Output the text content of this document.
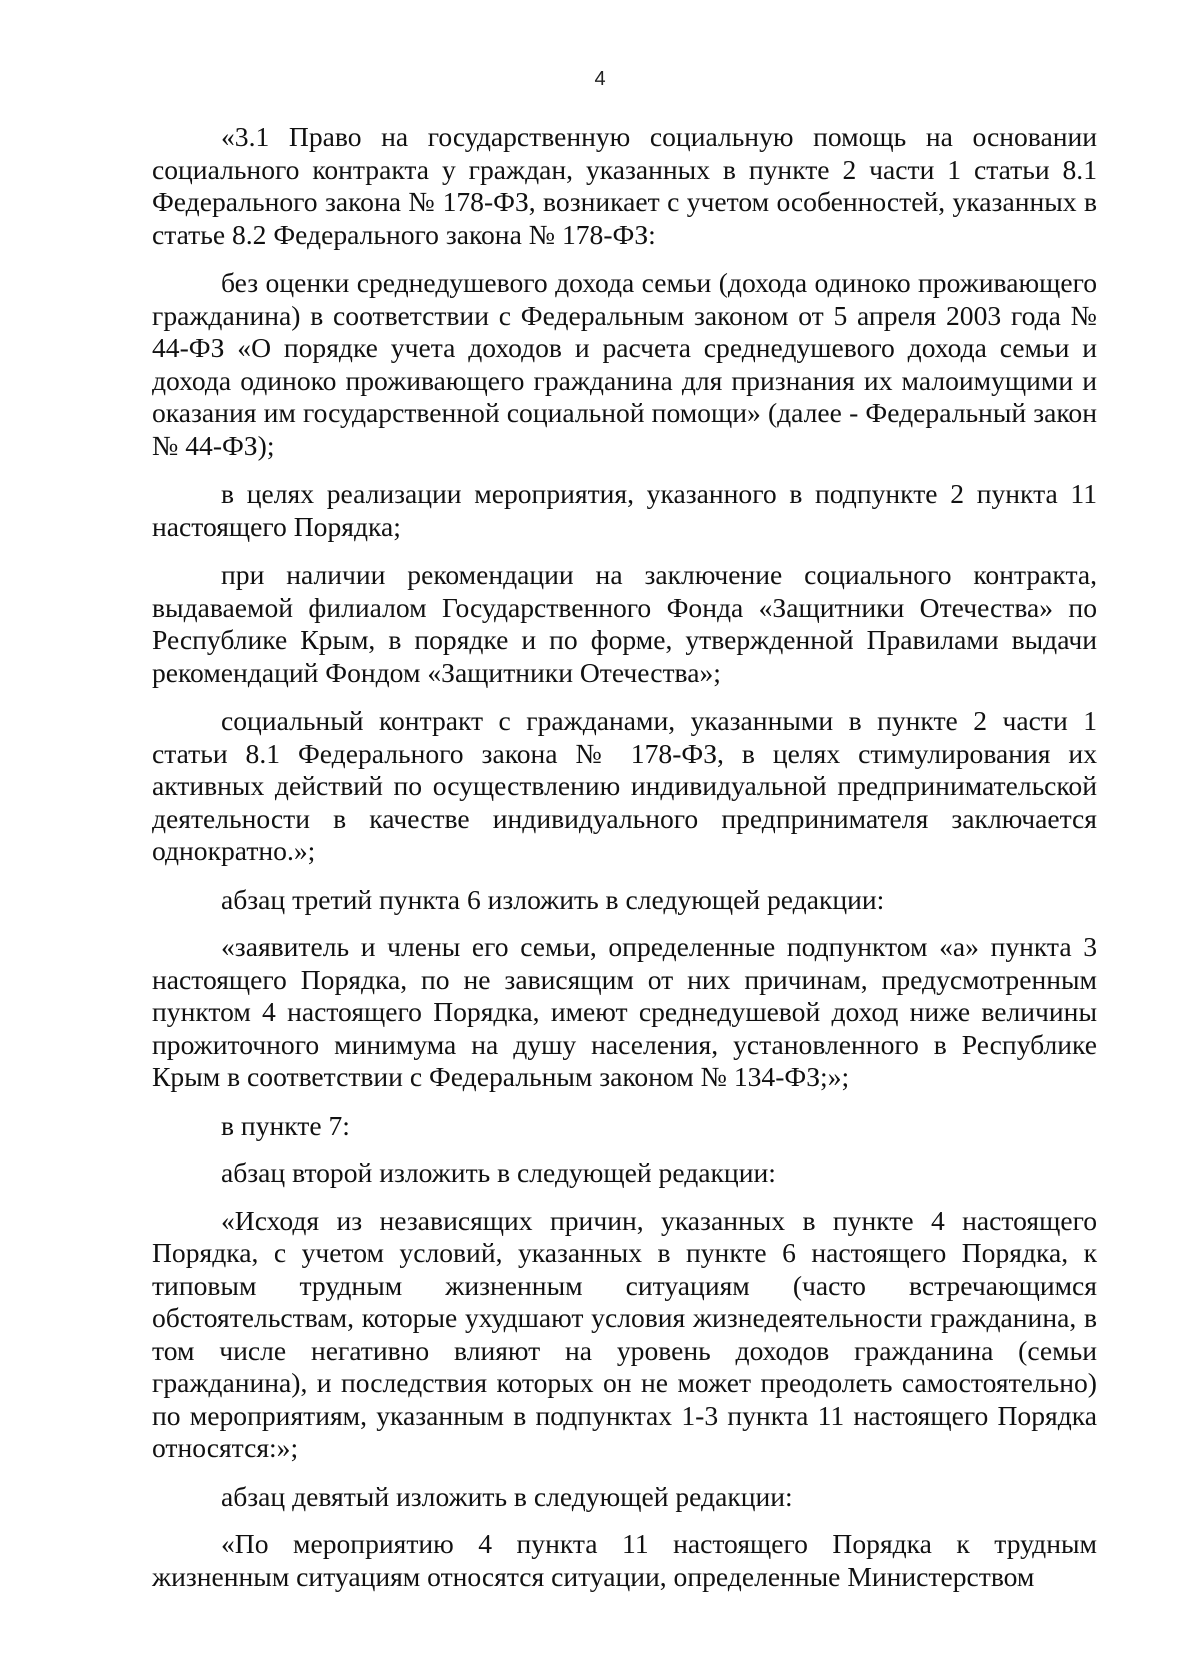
4

«3.1 Право на государственную социальную помощь на основании социального контракта у граждан, указанных в пункте 2 части 1 статьи 8.1 Федерального закона № 178-ФЗ, возникает с учетом особенностей, указанных в статье 8.2 Федерального закона № 178-ФЗ:

без оценки среднедушевого дохода семьи (дохода одиноко проживающего гражданина) в соответствии с Федеральным законом от 5 апреля 2003 года № 44-ФЗ «О порядке учета доходов и расчета среднедушевого дохода семьи и дохода одиноко проживающего гражданина для признания их малоимущими и оказания им государственной социальной помощи» (далее - Федеральный закон № 44-ФЗ);

в целях реализации мероприятия, указанного в подпункте 2 пункта 11 настоящего Порядка;

при наличии рекомендации на заключение социального контракта, выдаваемой филиалом Государственного Фонда «Защитники Отечества» по Республике Крым, в порядке и по форме, утвержденной Правилами выдачи рекомендаций Фондом «Защитники Отечества»;

социальный контракт с гражданами, указанными в пункте 2 части 1 статьи 8.1 Федерального закона № 178-ФЗ, в целях стимулирования их активных действий по осуществлению индивидуальной предпринимательской деятельности в качестве индивидуального предпринимателя заключается однократно.»;

абзац третий пункта 6 изложить в следующей редакции:

«заявитель и члены его семьи, определенные подпунктом «а» пункта 3 настоящего Порядка, по не зависящим от них причинам, предусмотренным пунктом 4 настоящего Порядка, имеют среднедушевой доход ниже величины прожиточного минимума на душу населения, установленного в Республике Крым в соответствии с Федеральным законом № 134-ФЗ;»;

в пункте 7:

абзац второй изложить в следующей редакции:

«Исходя из независящих причин, указанных в пункте 4 настоящего Порядка, с учетом условий, указанных в пункте 6 настоящего Порядка, к типовым трудным жизненным ситуациям (часто встречающимся обстоятельствам, которые ухудшают условия жизнедеятельности гражданина, в том числе негативно влияют на уровень доходов гражданина (семьи гражданина), и последствия которых он не может преодолеть самостоятельно) по мероприятиям, указанным в подпунктах 1-3 пункта 11 настоящего Порядка относятся:»;

абзац девятый изложить в следующей редакции:

«По мероприятию 4 пункта 11 настоящего Порядка к трудным жизненным ситуациям относятся ситуации, определенные Министерством
